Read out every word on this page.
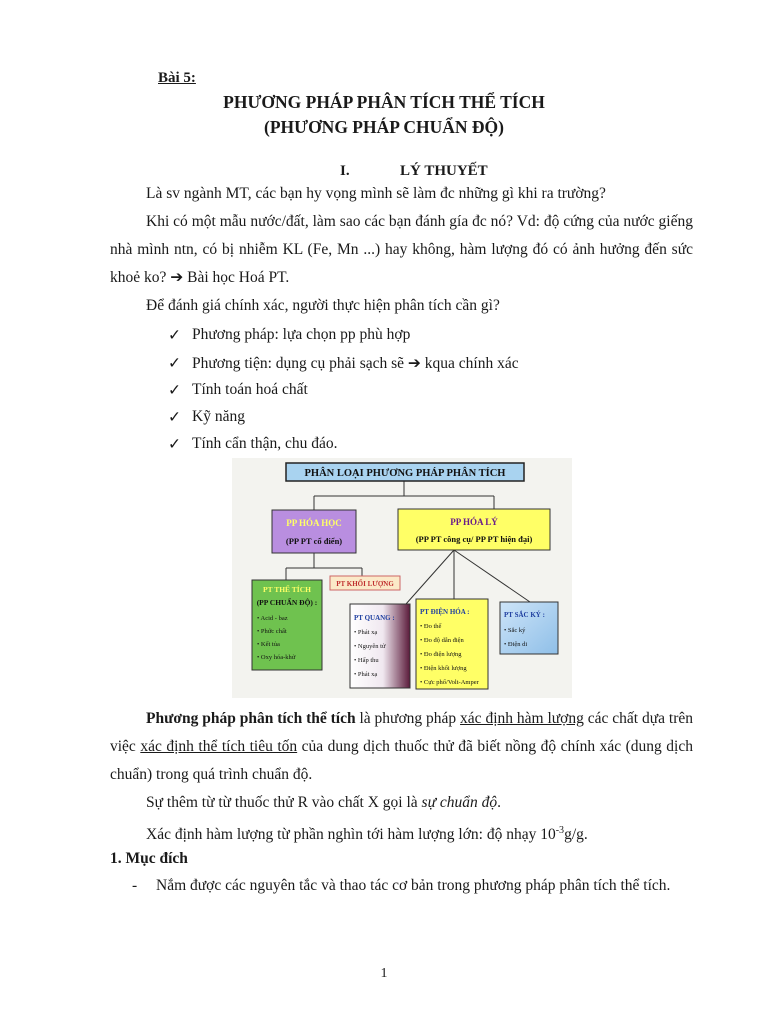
Bài 5:
PHƯƠNG PHÁP PHÂN TÍCH THỂ TÍCH
(PHƯƠNG PHÁP CHUẨN ĐỘ)
I.	LÝ THUYẾT
Là sv ngành MT, các bạn hy vọng mình sẽ làm đc những gì khi ra trường?
Khi có một mẫu nước/đất, làm sao các bạn đánh gía đc nó? Vd: độ cứng của nước giếng nhà mình ntn, có bị nhiễm KL (Fe, Mn ...) hay không, hàm lượng đó có ảnh hưởng đến sức khoẻ ko? ➔ Bài học Hoá PT.
Để đánh giá chính xác, người thực hiện phân tích cần gì?
✓ Phương pháp: lựa chọn pp phù hợp
✓ Phương tiện: dụng cụ phải sạch sẽ ➔ kqua chính xác
✓ Tính toán hoá chất
✓ Kỹ năng
✓ Tính cẩn thận, chu đáo.
PHÂN LOẠI PHƯƠNG PHÁP PHÂN TÍCH
PP HÓA HỌC
(PP PT cổ điển)
PP HÓA LÝ
(PP PT công cụ/ PP PT hiện đại)
PT THỂ TÍCH
(PP CHUẨN ĐỘ) :
• Acid - baz
• Phức chất
• Kết tủa
• Oxy hóa-khử
PT KHỐI LƯỢNG
PT QUANG :
• Phát xạ
• Nguyên tử
• Hấp thu
• Phát xạ
PT ĐIỆN HÓA :
• Đo thế
• Đo độ dẫn điện
• Đo điện lượng
• Điện khối lượng
• Cực phổ/Volt-Amper
PT SẮC KÝ :
• Sắc ký
• Điện di
Phương pháp phân tích thể tích là phương pháp xác định hàm lượng các chất dựa trên việc xác định thể tích tiêu tốn của dung dịch thuốc thử đã biết nồng độ chính xác (dung dịch chuẩn) trong quá trình chuẩn độ.
Sự thêm từ từ thuốc thử R vào chất X gọi là sự chuẩn độ.
Xác định hàm lượng từ phần nghìn tới hàm lượng lớn: độ nhạy $10^{-3}g/g$.
1. Mục đích
- Nắm được các nguyên tắc và thao tác cơ bản trong phương pháp phân tích thể tích.
1
